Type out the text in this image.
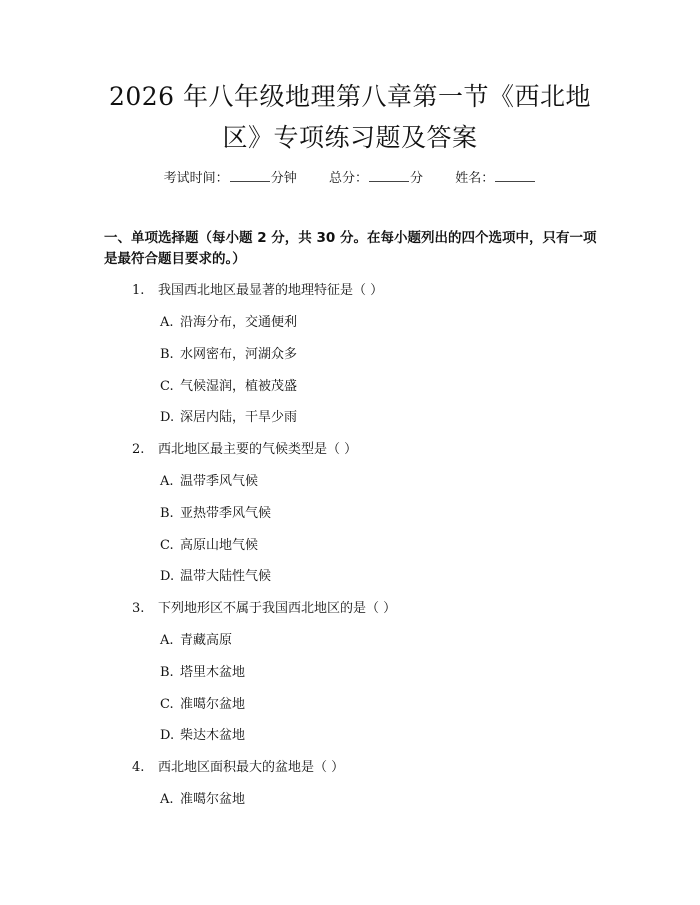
2026 年八年级地理第八章第一节《西北地
区》专项练习题及答案
考试时间：	分钟 总分：	分 姓名：
一、单项选择题（每小题 2 分，共 30 分。在每小题列出的四个选项中，只有一项是最符合题目要求的。）
1. 我国西北地区最显著的地理特征是（ ）
A. 沿海分布，交通便利
B. 水网密布，河湖众多
C. 气候湿润，植被茂盛
D. 深居内陆，干旱少雨
2. 西北地区最主要的气候类型是（ ）
A. 温带季风气候
B. 亚热带季风气候
C. 高原山地气候
D. 温带大陆性气候
3. 下列地形区不属于我国西北地区的是（ ）
A. 青藏高原
B. 塔里木盆地
C. 准噶尔盆地
D. 柴达木盆地
4. 西北地区面积最大的盆地是（ ）
A. 准噶尔盆地
